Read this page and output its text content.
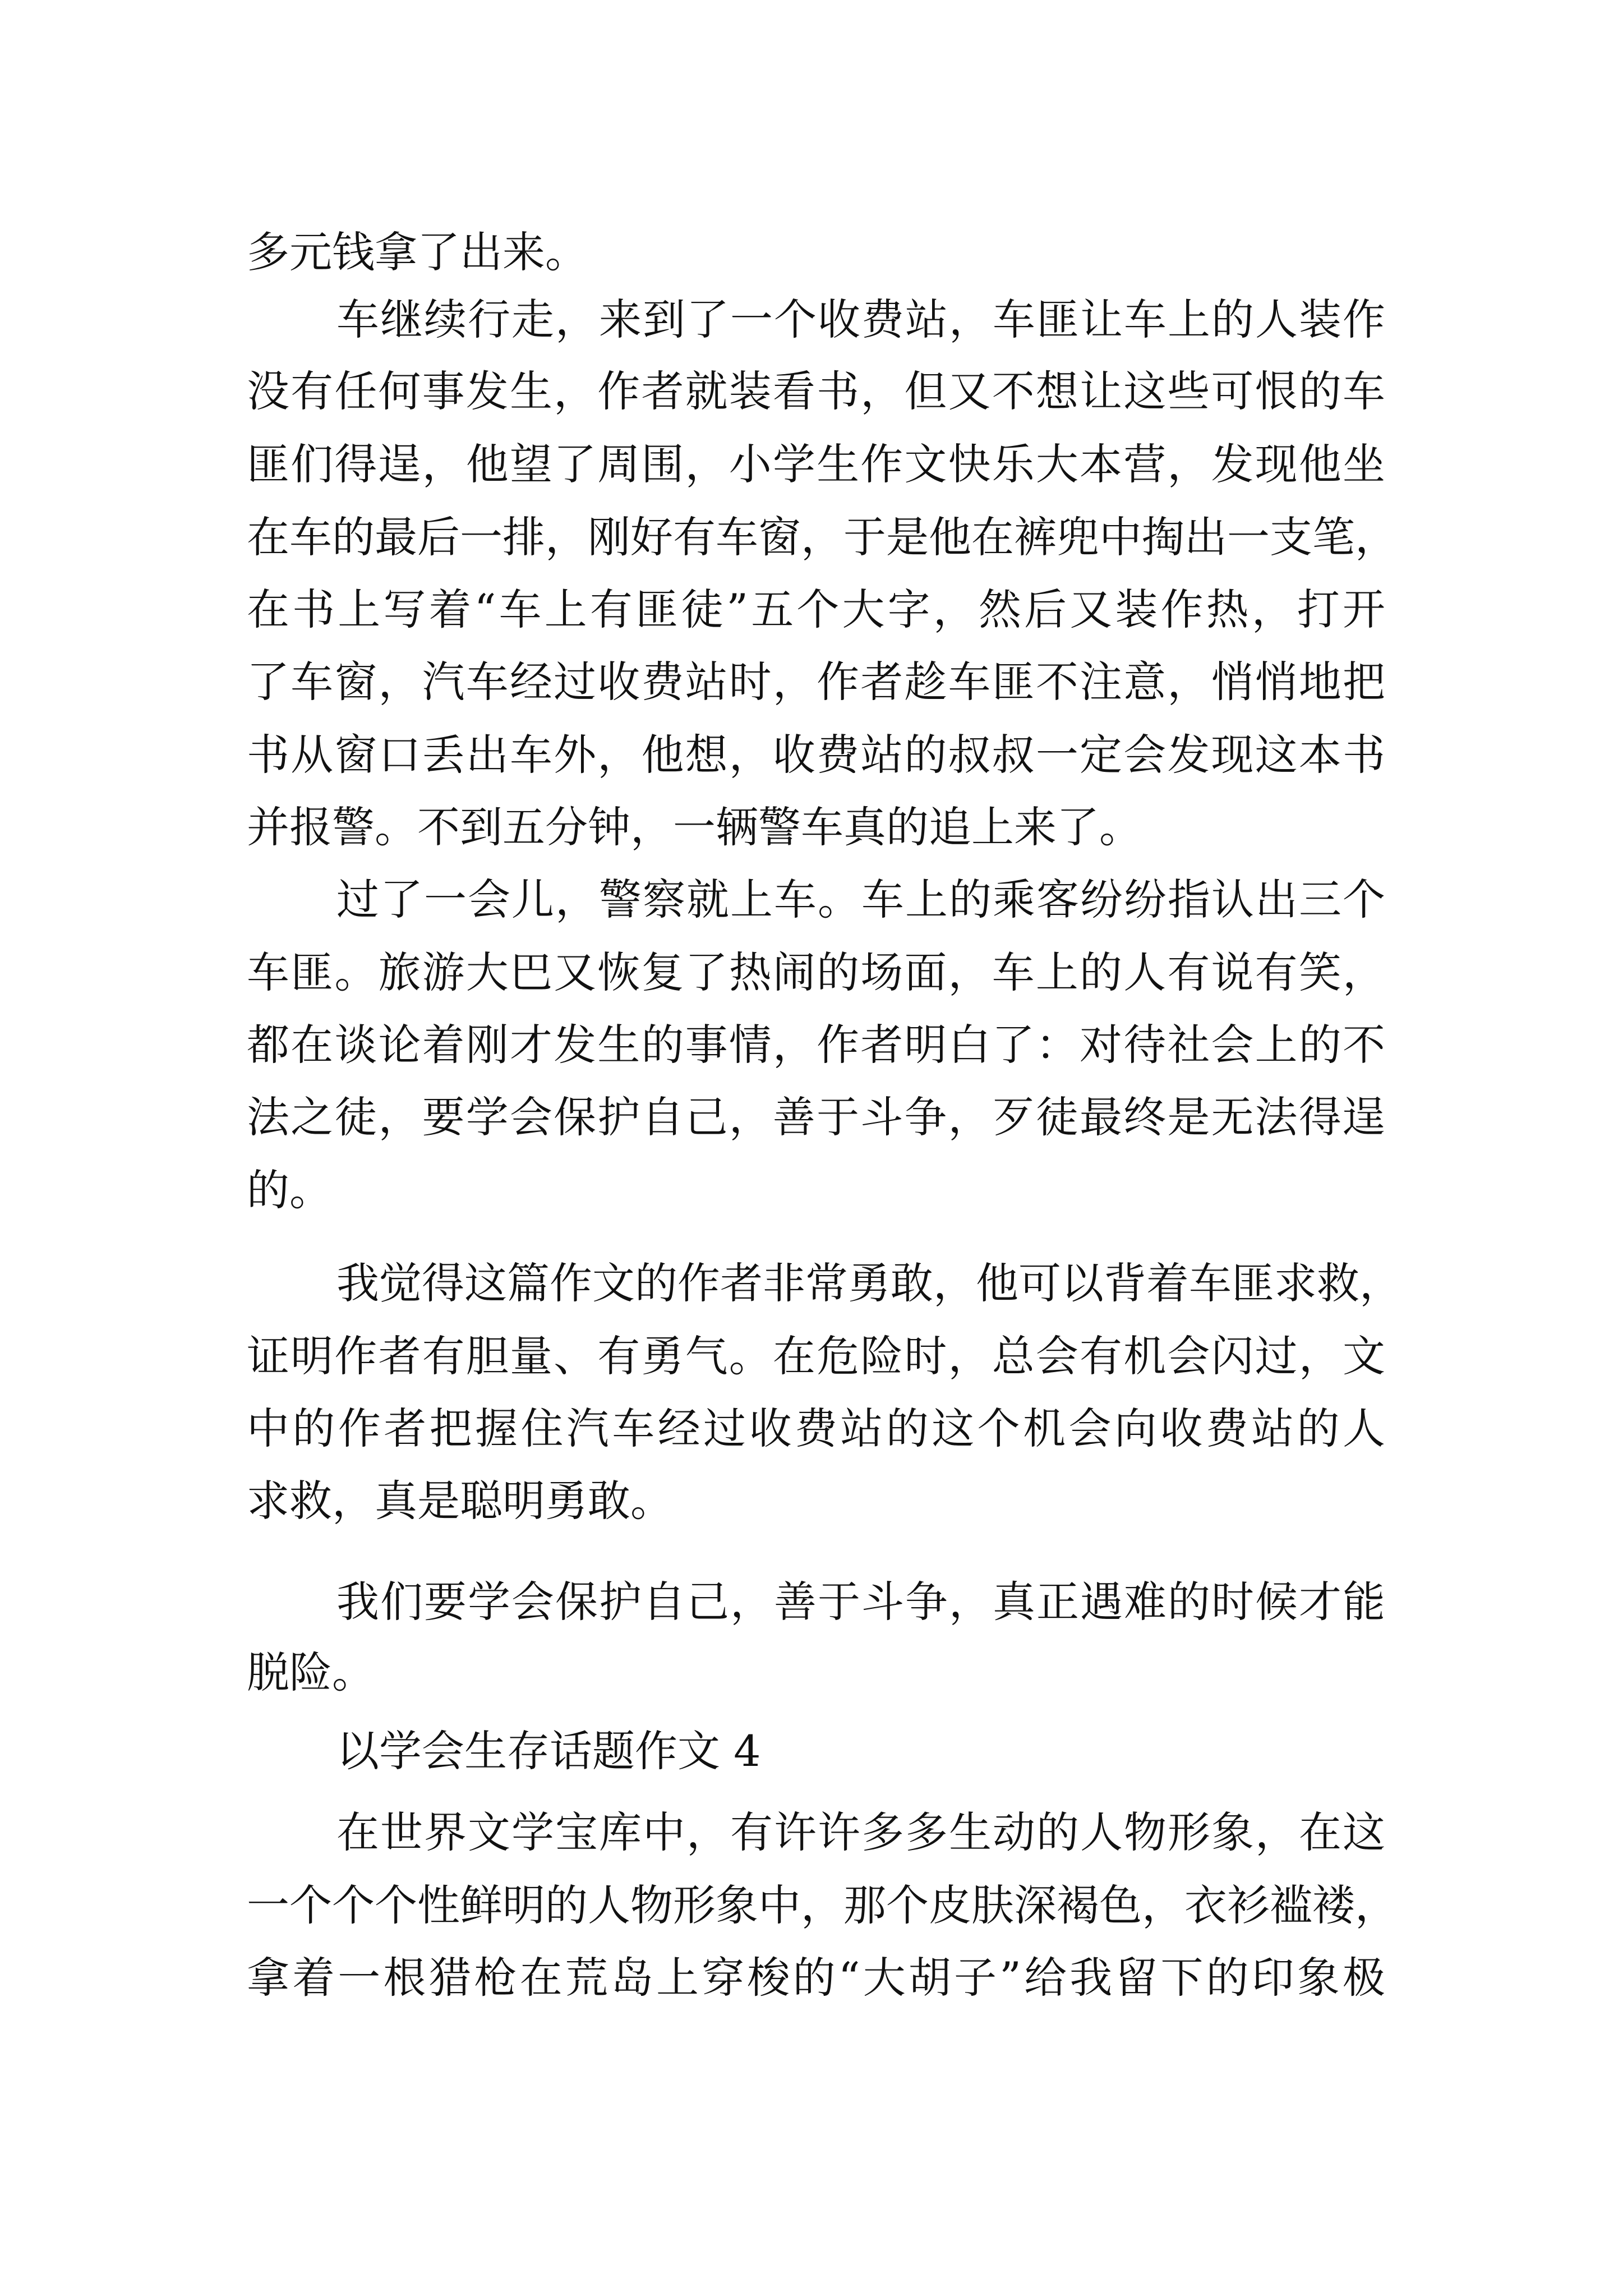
多元钱拿了出来。
车继续行走，来到了一个收费站，车匪让车上的人装作
没有任何事发生，作者就装看书，但又不想让这些可恨的车
匪们得逞，他望了周围，小学生作文快乐大本营，发现他坐
在车的最后一排，刚好有车窗，于是他在裤兜中掏出一支笔，
在书上写着“车上有匪徒”五个大字，然后又装作热，打开
了车窗，汽车经过收费站时，作者趁车匪不注意，悄悄地把
书从窗口丢出车外，他想，收费站的叔叔一定会发现这本书
并报警。不到五分钟，一辆警车真的追上来了。
过了一会儿，警察就上车。车上的乘客纷纷指认出三个
车匪。旅游大巴又恢复了热闹的场面，车上的人有说有笑，
都在谈论着刚才发生的事情，作者明白了：对待社会上的不
法之徒，要学会保护自己，善于斗争，歹徒最终是无法得逞
的。
我觉得这篇作文的作者非常勇敢，他可以背着车匪求救，
证明作者有胆量、有勇气。在危险时，总会有机会闪过，文
中的作者把握住汽车经过收费站的这个机会向收费站的人
求救，真是聪明勇敢。
我们要学会保护自己，善于斗争，真正遇难的时候才能
脱险。
以学会生存话题作文 4
在世界文学宝库中，有许许多多生动的人物形象，在这
一个个个性鲜明的人物形象中，那个皮肤深褐色，衣衫褴褛，
拿着一根猎枪在荒岛上穿梭的“大胡子”给我留下的印象极
